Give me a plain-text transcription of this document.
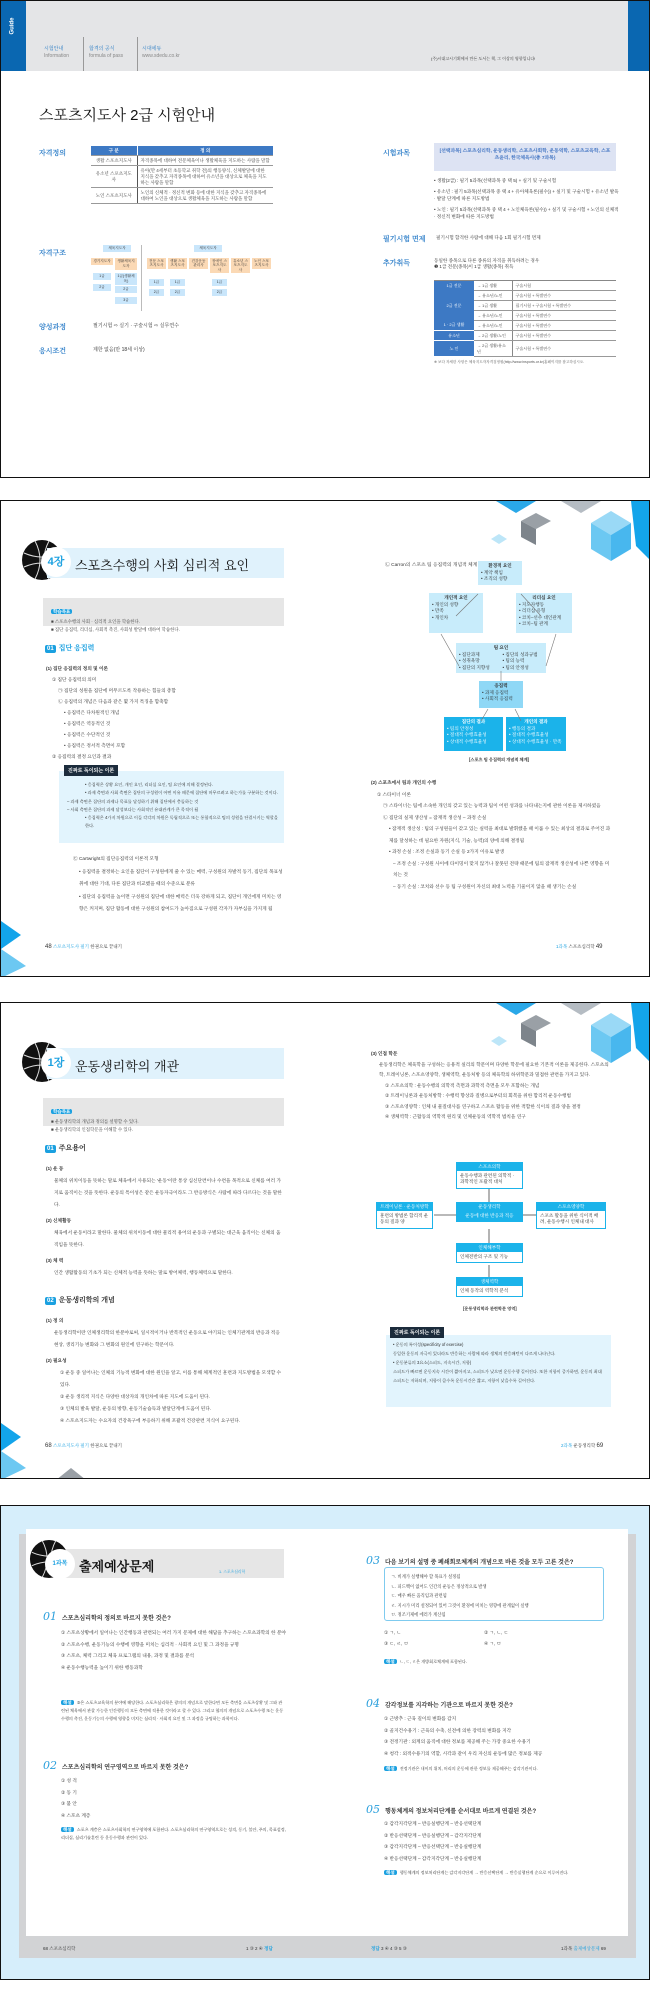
Guide
시험안내
Information
합격의 공식
formula of pass
시대에듀
www.sdedu.co.kr	(주)시대고시기획에서 만든 도서는 책, 그 이상의 영향입니다!
스포츠지도사 2급 시험안내
자격정의	구 분	정 의
생활 스포츠지도사	자격종목에 대하여 전문체육이나 생활체육을 지도하는 사람을 말함
유소년 스포츠지도사	유아(만 4세부터 초등학교 취학 전)의 행동양식, 신체발달에 대한 지식을 갖추고 자격종목에 대하여 유소년을 대상으로 체육을 지도하는 사람을 말함
노인 스포츠지도사	노인의 신체적 · 정신적 변화 등에 대한 지식을 갖추고 자격종목에 대하여 노인을 대상으로 생활체육을 지도하는 사람을 말함
자격구조
체육지도자
경기지도자	생활체육지도자
1급
2급
1급(생활체육)
2급
3급
체육지도자
전문 스포츠지도사
1급
2급
생활 스포츠지도사
1급
2급
건강운동 관리사
장애인 스포츠지도사
1급
2급
유소년 스포츠지도사
노인 스포츠지도사
양성과정	필기시험 ⇨ 실기 · 구술시험 ⇨ 실무연수
응시조건	제한 없음(만 18세 이상)
시험과목	[선택과목] 스포츠심리학, 운동생리학, 스포츠사회학, 운동역학, 스포츠교육학, 스포츠윤리, 한국체육사(총 7과목)
• 생활(2급) : 필기 5과목(선택과목 중 택 5) + 실기 및 구술시험
• 유소년 : 필기 5과목(선택과목 중 택 4 + 유아체육론(필수)) + 실기 및 구술시험 + 유소년 발육 · 발달 단계에 따른 지도방법
• 노인 : 필기 5과목(선택과목 중 택 4 + 노인체육론(필수)) + 실기 및 구술시험 + 노인의 신체적 · 정신적 변화에 따른 지도방법
필기시험 면제 필기시험 합격한 사람에 대해 다음 1회 필기시험 면제
추가취득	동일한 종목으로 다른 종류의 자격을 취득하려는 경우
❶ 1급 전문(종목)이 1급 생활(종목) 취득
1급 전문	→ 1급 생활	구술시험
	→ 유소년/노인	구술시험 + 특별연수
2급 전문	→ 1급 생활	필기시험 + 구술시험 + 특별연수
	→ 유소년/노인	구술시험 + 특별연수
1 · 2급 생활	→ 유소년/노인	구술시험 + 특별연수
유소년	→ 2급 생활/노인	구술시험 + 특별연수
노 인	→ 2급 생활/유소년	구술시험 + 특별연수
※ 보다 자세한 사항은 체육지도자자격검정원(http://www.insports.or.kr)홈페이지를 참고하십시오.
4장 스포츠수행의 사회 심리적 요인
학습목표
■ 스포츠수행의 사회 · 심리적 요인을 학습한다.
■ 집단 응집력, 리더십, 사회적 촉진, 사회성 발달에 대하여 학습한다.
01 집단 응집력
(1) 집단 응집력의 정의 및 이론
① 집단 응집력의 의미
㉠ 집단의 성원을 집단에 머무르도록 작용하는 힘들의 총합
㉡ 응집력의 개념은 다음과 같은 몇 가지 특징을 함축함
• 응집력은 다차원적인 개념
• 응집력은 역동적인 것
• 응집력은 수단적인 것
• 응집력은 정서적 측면이 포함
② 응집력의 결정 요인과 결과
진짜로 독이되는 이론
• 응집력은 상황 요인, 개인 요인, 리더십 요인, 팀 요인에 의해 결정된다.
• 과제 측면과 사회 측면은 집단의 구성원이 어떤 이유 때문에 집단에 머무르려고 하는가를 구분하는 것이다.
– 과제 측면은 집단의 과제나 목표를 달성하기 위해 집단에서 충돌하는 것
– 사회 측면은 집단의 과제 달성보다는 사회적인 유대관계가 큰 목적이 됨
• 응집력은 4가지 차원으로 이들 각각의 차원은 독립적으로 또는 통합적으로 팀의 성원을 단결시키는 역할을 한다.
㉢ Cartwright의 집단응집력의 이론적 모형
• 응집력을 결정하는 요인을 집단이 구성원에게 줄 수 있는 매력, 구성원의 자발적 동기, 집단의 목표성취에 대한 기대, 다른 집단과 비교했을 때의 수준으로 분류
• 집단의 응집력을 높이면 구성원의 집단에 대한 매력은 더욱 강하게 되고, 집단이 개인에게 미치는 영향은 커지며, 집단 활동에 대한 구성원의 참여도가 높아짐으로 구성원 각자가 자부심을 가지게 됨
48 스포츠지도사 필기 한권으로 끝내기
㉡ Carron의 스포츠 팀 응집력의 개념적 체계	환경적 요인
• 계약 책임
• 조직의 성향
개인적 요인
• 개인의 성향
• 만족
• 개인차
리더십 요인
• 지도자행동
• 리더십 유형
• 코치–선수 대인관계
• 코치–팀 관계
팀 요인
• 집단과제
• 성취욕망
• 집단의 지향성
• 집단의 성과규범
• 팀의 능력
• 팀의 안정성
응집력
• 과제 응집력
• 사회적 응집력
집단의 결과
• 팀의 안정성
• 절대적 수행효율성
• 상대적 수행효율성
개인의 결과
• 행동의 결과
• 절대적 수행효율성
• 상대적 수행효율성 · 만족
[스포츠 팀 응집력의 개념적 체계]
(2) 스포츠에서 팀과 개인의 수행
① 스타이너 이론
㉠ 스타이너는 팀에 소속한 개인의 갖고 있는 능력과 팀이 어떤 성과를 나타내는지에 관한 이론을 제시하였음
㉡ 집단의 실제 생산성 = 잠재적 생산성 – 과정 손실
• 잠재적 생산성 : 팀의 구성원들이 갖고 있는 실력을 최대로 발휘했을 때 이룰 수 있는 최상의 결과로 주어진 과제를 달성하는 데 필요한 자원(지식, 기술, 능력)의 양에 의해 결정됨
• 과정 손실 : 조정 손실과 동기 손실 등 2가지 이유로 발생
– 조정 손실 : 구성원 사이에 타이밍이 맞지 않거나 잘못된 전략 때문에 팀의 잠재적 생산성에 나쁜 영향을 미치는 것
– 동기 손실 : 코치와 선수 등 팀 구성원이 자신의 최대 노력을 기울이지 않을 때 생기는 손실
1과목 스포츠심리학 49
1장 운동생리학의 개관
학습목표
■ 운동생리학의 개념과 정의를 설명할 수 있다.
■ 운동생리학의 인접학문을 이해할 수 있다.
01 주요용어
(1) 운 동
물체의 위치이동을 뜻하는 말로 체육에서 사용되는 '운동'이란 통상 심신단련이나 수련을 목적으로 신체를 여러 가지로 움직이는 것을 뜻한다. 운동의 특이성은 같은 운동자극이라도 그 반응방식은 사람에 따라 다르다는 것을 말한다.
(2) 신체활동
체육에서 운동이라고 말한다. 물체의 위치이동에 대한 물리적 용어의 운동과 구별되는 대근육 움직이는 신체의 움직임을 뜻한다.
(3) 체 력
인간 생활활동의 기초가 되는 신체적 능력을 뜻하는 말로 방어체력, 행동체력으로 말한다.
02 운동생리학의 개념
(1) 정 의
운동생리학이란 인체생리학의 한분야로써, 일시적이거나 반복적인 운동으로 야기되는 인체기관계의 반응과 적응현상, 생리기능 변화와 그 변화의 원인에 연구하는 학문이다.
(2) 필요성
① 운동 중 일어나는 인체의 기능적 변화에 대한 원인을 알고, 이를 통해 체계적인 훈련과 지도방법을 모색할 수 있다.
② 운동 생리적 지식은 다양한 대상자의 개인차에 따른 지도에 도움이 된다.
③ 인체의 발육 발달, 운동의 방향, 운동기술습득과 발달단계에 도움이 된다.
④ 스포츠지도자는 수요자의 건강욕구에 부응하기 위해 포괄적 건강관련 지식이 요구된다.
68 스포츠지도사 필기 한권으로 끝내기
(3) 인접 학문
운동생리학은 체육학을 구성하는 응용적 실리의 학문이며 다양한 학문에 필요한 기본적 이론을 제공한다. 스포츠의학, 트레이닝론, 스포츠영양학, 생체역학, 운동처방 등의 체육학의 하위학문과 밀접한 관련을 가지고 있다.
① 스포츠의학 : 운동수행의 의학적 측면과 과학적 측면을 모두 포함하는 개념
② 트레이닝론과 운동처방학 : 수행력 향상과 질병으로부터의 회복을 위한 합리적 운동수행법
③ 스포츠영양학 : 인체 내 물질대사를 연구하고 스포츠 활동을 위한 적합한 식이의 질과 양을 결정
④ 생체역학 : 근활동의 역학적 원리 및 인체운동의 역학적 법칙을 연구
스포츠의학
운동수행과 관련된 의학적 · 과학적인 포괄적 대처
트레이닝론 · 운동처방학
훈련의 방법론 합리적 운동의 질과 양
운동생리학
운동에 대한 반응과 적응
스포츠영양학
스포츠 활동을 위한 식이적 배려, 운동수행시 인체내 대사
인체해부학
인체전반의 구조 및 기능
생체역학
인체 동작의 역학적 분석
[운동생리학과 관련학문 영역]
진짜로 독이되는 이론
• 운동의 특이성(specificity of exercise)
동일한 운동의 자극이 있더라도 반응하는 사람에 따라 생체의 반응패턴이 다르게 나타난다.
• 운동분류의 3요소(스피드, 지속시간, 저항)
스피드가 빠르면 운동지속 시간이 짧아지고, 스피드가 낮으면 운동수행 길어진다. 또한 저항이 증가하면, 운동의 최대스피드는 저하되며, 저항이 클수록 운동시간은 짧고, 저항이 낮을수록 길어진다.
2과목 운동생리학 69
1과목 출제예상문제	1. 스포츠심리학
01 스포츠심리학의 정의로 바르지 못한 것은?
① 스포츠상황에서 일어나는 인간행동과 관련되는 여러 가지 문제에 대한 해답을 추구하는 스포츠과학의 한 분야
② 스포츠수행, 운동기능의 수행에 영향을 미치는 심리적 · 사회적 요인 및 그 과정을 규명
③ 스포츠, 체력 그리고 체육 프로그램의 내용, 과정 및 결과를 분석
④ 운동수행능력을 높이기 위한 행동과학
해설 ③은 스포츠교육학의 분야에 해당한다. 스포츠심리학은 광의의 개념으로 말한다면 모든 측면을 스포츠상황 및 그와 관련된 체육에서 관찰 가능한 인간행동의 모든 측면에 적용한 것이라고 할 수 있다. 그리고 협의의 개념으로 스포츠수행 또는 운동수행의 촉진, 운동기능의 수행에 영향을 미치는 심리적 · 사회적 요인 및 그 과정을 규명하는 과학이다.
02 스포츠심리학의 연구영역으로 바르지 못한 것은?
① 성 격
② 동 기
③ 불 안
④ 스포츠 계층
해설 스포츠 계층은 스포츠사회학의 연구영역에 포함된다. 스포츠심리학의 연구영역으로는 성격, 동기, 불안, 주의, 목표설정, 리더십, 심리기술훈련 등 운동수행과 관련이 있다.
03 다음 보기의 설명 중 폐쇄회로체계의 개념으로 바른 것을 모두 고른 것은?
ㄱ. 비계가 실행해야 할 목표가 설정됨
ㄴ. 피드백이 없어도 인간의 운동은 정상적으로 발생
ㄷ. 매우 빠른 움직임과 관련됨
ㄹ. 지시가 미리 설정되어 있어 그것이 환경에 미치는 영향에 관계없이 실행
ㅁ. 정조기제에 에러가 계산됨
① ㄱ, ㄴ	② ㄱ, ㄴ, ㄷ
③ ㄷ, ㄹ, ㅁ	④ ㄱ, ㅁ
해설 ㄴ, ㄷ, ㄹ은 개방회로체계에 포함된다.
04 감각정보를 지각하는 기관으로 바르지 못한 것은?
① 근방추 : 근육 길이의 변화를 감지
② 골지건수용기 : 근육의 수축, 신전에 의한 장력의 변화를 지각
③ 전정기관 : 외계의 움직에 대한 정보를 제공해 주는 가장 중요한 수용기
④ 청각 : 외적수용기의 역할, 시각과 같이 우리 자신의 운동에 많은 정보를 제공
해설 전정기관은 내이의 위치, 머리의 운동에 관한 정보를 제공해주는 감각기관이다.
05 행동체계의 정보처리단계를 순서대로 바르게 연결된 것은?
① 감각지각단계 – 반응실행단계 – 반응선택단계
② 반응선택단계 – 반응실행단계 – 감각지각단계
③ 감각지각단계 – 반응선택단계 – 반응실행단계
④ 반응선택단계 – 감각지각단계 – 반응실행단계
해설 행동체계의 정보처리단계는 감각지각단계 → 반응선택단계 → 반응실행단계 순으로 이루어진다.
68 스포츠심리학	1 ③ 2 ④ 정답	정답 3 ④ 4 ③ 5 ③	1과목 출제예상문제 69
